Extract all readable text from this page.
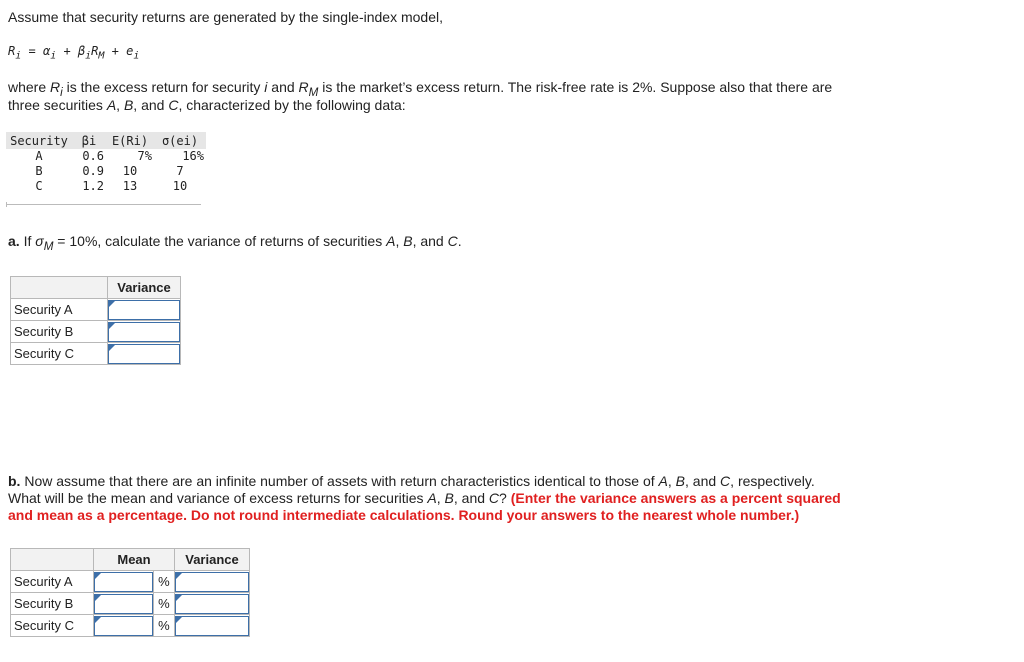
Assume that security returns are generated by the single-index model,

$R_i = \alpha_i + \beta_iR_M + e_i$

where $R_i$ is the excess return for security i and $R_M$ is the market’s excess return. The risk-free rate is 2%. Suppose also that there are

three securities A, B, and C, characterized by the following data:

Security	βi	E(Ri)	σ(ei)
A	0.6	7%	16%
B	0.9	10	7
C	1.2	13	10

a. If $\sigma_M = 10\%$, calculate the variance of returns of securities A, B, and C.

	Variance
Security A	

Security B	

Security C	

b. Now assume that there are an infinite number of assets with return characteristics identical to those of A, B, and C, respectively.

What will be the mean and variance of excess returns for securities A, B, and C? (Enter the variance answers as a percent squared

and mean as a percentage. Do not round intermediate calculations. Round your answers to the nearest whole number.)

	Mean		Variance
Security A		%	

Security B		%	

Security C		%	
